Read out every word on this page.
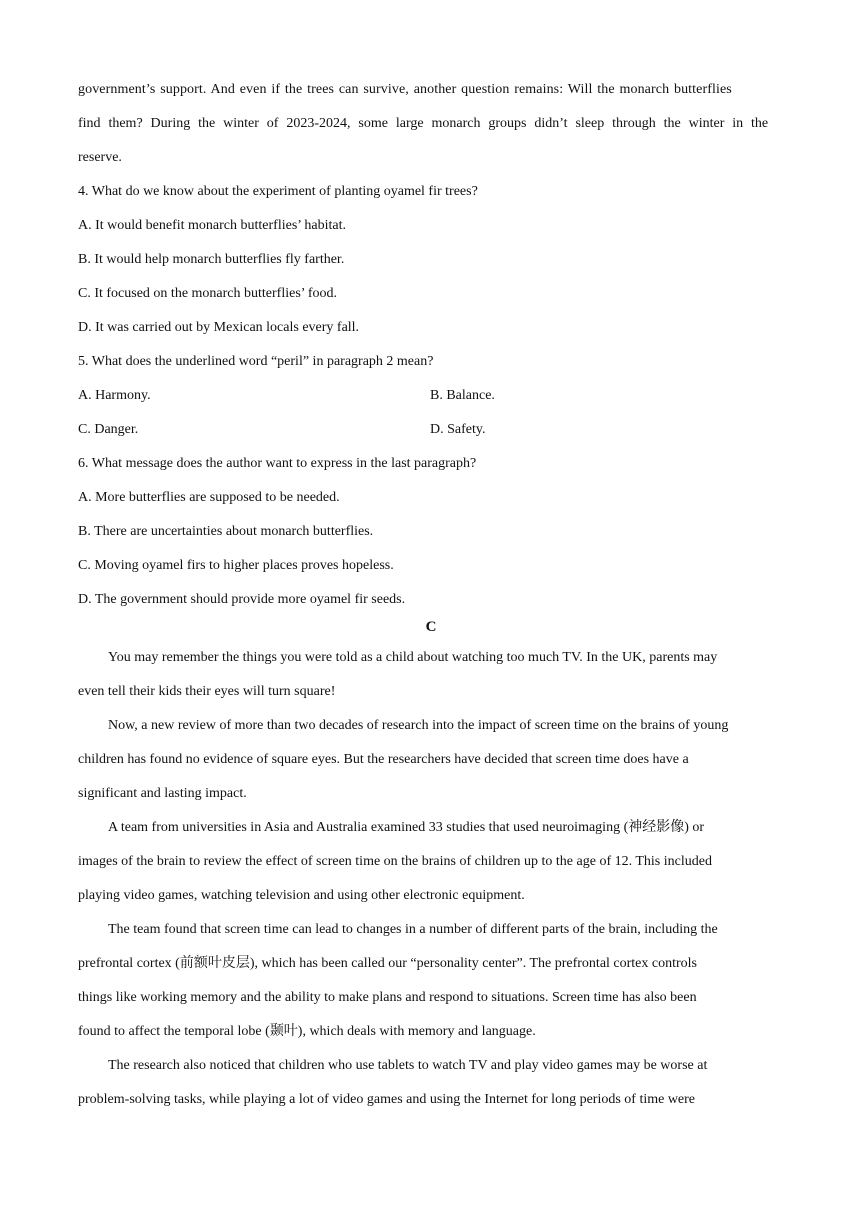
government’s support. And even if the trees can survive, another question remains: Will the monarch butterflies
find them? During the winter of 2023-2024, some large monarch groups didn’t sleep through the winter in the
reserve.
4. What do we know about the experiment of planting oyamel fir trees?
A. It would benefit monarch butterflies’ habitat.
B. It would help monarch butterflies fly farther.
C. It focused on the monarch butterflies’ food.
D. It was carried out by Mexican locals every fall.
5. What does the underlined word “peril” in paragraph 2 mean?
A. Harmony.	B. Balance.
C. Danger.	D. Safety.
6. What message does the author want to express in the last paragraph?
A. More butterflies are supposed to be needed.
B. There are uncertainties about monarch butterflies.
C. Moving oyamel firs to higher places proves hopeless.
D. The government should provide more oyamel fir seeds.
C
You may remember the things you were told as a child about watching too much TV. In the UK, parents may
even tell their kids their eyes will turn square!
Now, a new review of more than two decades of research into the impact of screen time on the brains of young
children has found no evidence of square eyes. But the researchers have decided that screen time does have a
significant and lasting impact.
A team from universities in Asia and Australia examined 33 studies that used neuroimaging (神经影像) or
images of the brain to review the effect of screen time on the brains of children up to the age of 12. This included
playing video games, watching television and using other electronic equipment.
The team found that screen time can lead to changes in a number of different parts of the brain, including the
prefrontal cortex (前额叶皮层), which has been called our “personality center”. The prefrontal cortex controls
things like working memory and the ability to make plans and respond to situations. Screen time has also been
found to affect the temporal lobe (颞叶), which deals with memory and language.
The research also noticed that children who use tablets to watch TV and play video games may be worse at
problem-solving tasks, while playing a lot of video games and using the Internet for long periods of time were
